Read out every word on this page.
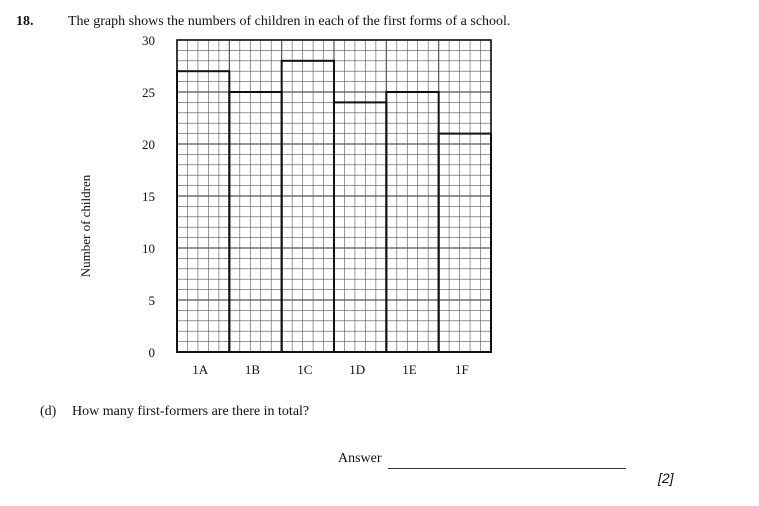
18. The graph shows the numbers of children in each of the first forms of a school.
Number of children
0
5
10
15
20
25
30
1A	1B	1C	1D	1E	1F
(d) How many first-formers are there in total?
Answer
[2]
